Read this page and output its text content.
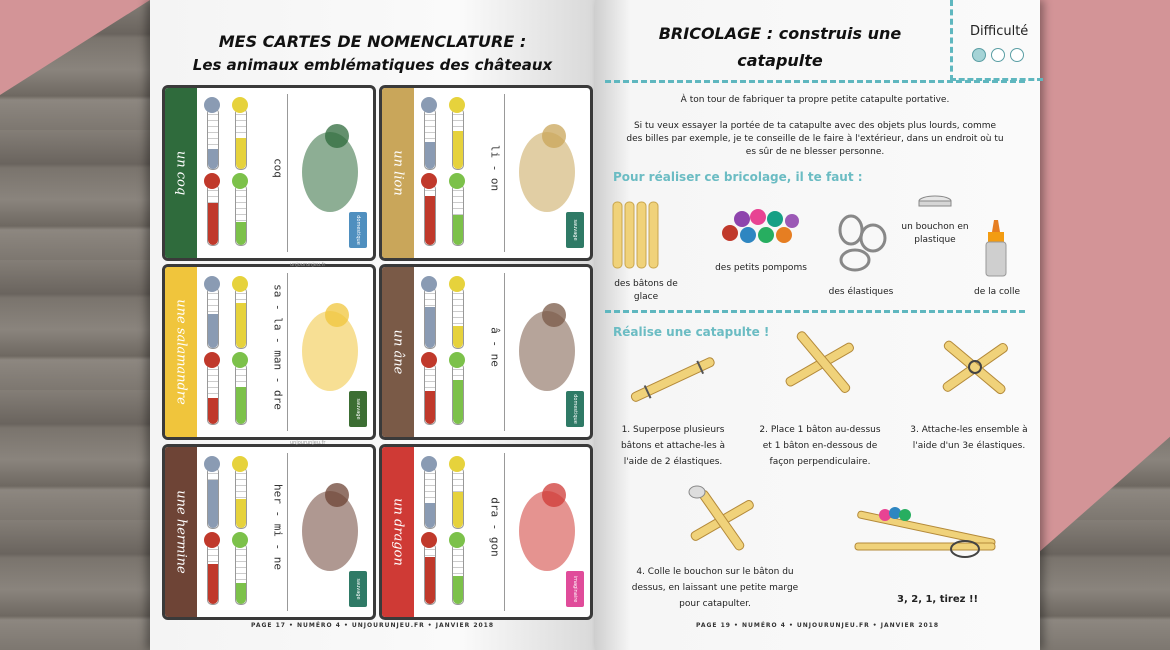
MES CARTES DE NOMENCLATURE :
Les animaux emblématiques des châteaux
un coq	coq
domestique
un lion	li - on
sauvage
une salamandre	sa - la - man - dre	sauvage
un âne	â - ne
domestique
une hermine	her - mi - ne
sauvage
un dragon	dra - gon
imaginaire
unjourunjeu.fr
unjourunjeu.fr
PAGE 17 • NUMÉRO 4 • UNJOURUNJEU.FR • JANVIER 2018
BRICOLAGE : construis une
catapulte
Difficulté
À ton tour de fabriquer ta propre petite catapulte portative.
Si tu veux essayer la portée de ta catapulte avec des objets plus lourds, comme des billes par exemple, je te conseille de le faire à l'extérieur, dans un endroit où tu es sûr de ne blesser personne.
Pour réaliser ce bricolage, il te faut :
des bâtons de glace
des petits pompoms
des élastiques
un bouchon en plastique
de la colle
Réalise une catapulte !
1. Superpose plusieurs bâtons et attache-les à l'aide de 2 élastiques.
2. Place 1 bâton au-dessus et 1 bâton en-dessous de façon perpendiculaire.
3. Attache-les ensemble à l'aide d'un 3e élastiques.
4. Colle le bouchon sur le bâton du dessus, en laissant une petite marge pour catapulter.	3, 2, 1, tirez !!
PAGE 19 • NUMÉRO 4 • UNJOURUNJEU.FR • JANVIER 2018
